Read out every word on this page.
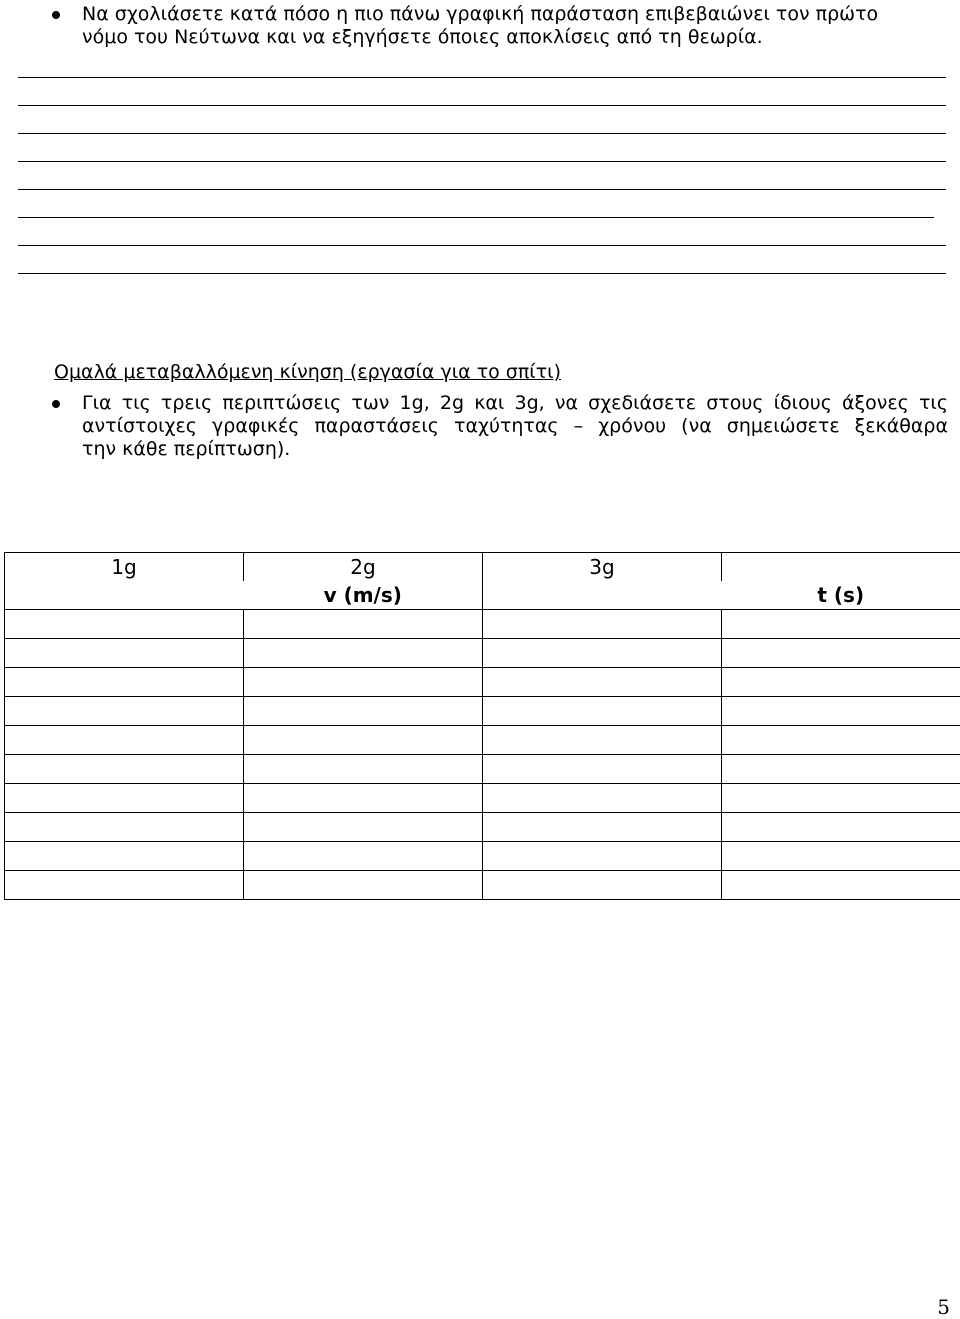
Να σχολιάσετε κατά πόσο η πιο πάνω γραφική παράσταση επιβεβαιώνει τον πρώτο
νόμο του Νεύτωνα και να εξηγήσετε όποιες αποκλίσεις από τη θεωρία.
Ομαλά μεταβαλλόμενη κίνηση (εργασία για το σπίτι)
Για τις τρεις περιπτώσεις των 1g, 2g και 3g, να σχεδιάσετε στους ίδιους άξονες τις
αντίστοιχες γραφικές παραστάσεις ταχύτητας – χρόνου (να σημειώσετε ξεκάθαρα
την κάθε περίπτωση).
1g	2g	3g	
	v (m/s)		t (s)

5
